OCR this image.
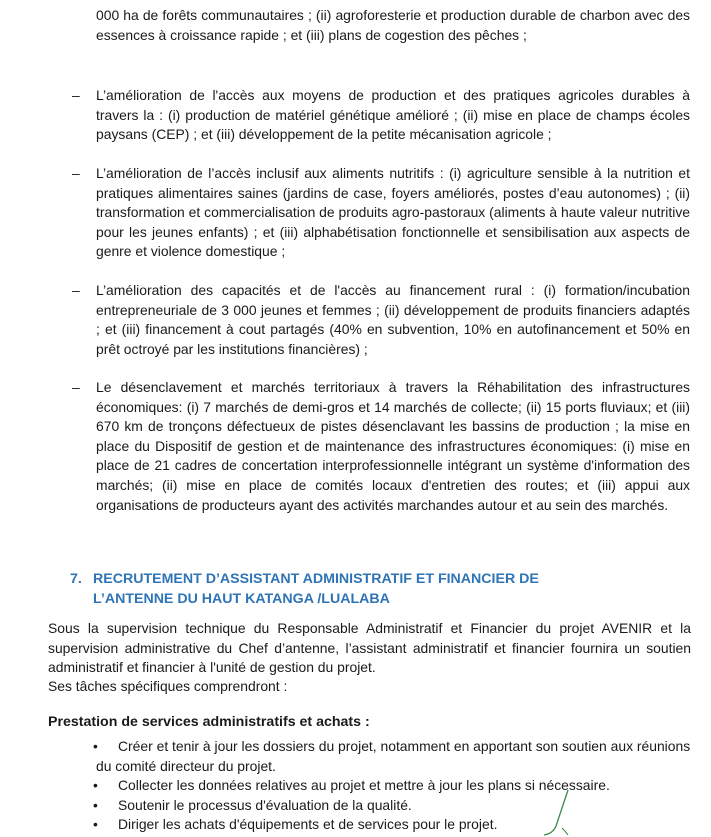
000 ha de forêts communautaires ; (ii) agroforesterie et production durable de charbon avec des essences à croissance rapide ; et (iii) plans de cogestion des pêches ;
–	L’amélioration de l'accès aux moyens de production et des pratiques agricoles durables à travers la : (i) production de matériel génétique amélioré ; (ii) mise en place de champs écoles paysans (CEP) ; et (iii) développement de la petite mécanisation agricole ;
–	L’amélioration de l’accès inclusif aux aliments nutritifs : (i) agriculture sensible à la nutrition et pratiques alimentaires saines (jardins de case, foyers améliorés, postes d’eau autonomes) ; (ii) transformation et commercialisation de produits agro-pastoraux (aliments à haute valeur nutritive pour les jeunes enfants) ; et (iii) alphabétisation fonctionnelle et sensibilisation aux aspects de genre et violence domestique ;
–	L’amélioration des capacités et de l'accès au financement rural : (i) formation/incubation entrepreneuriale de 3 000 jeunes et femmes ; (ii) développement de produits financiers adaptés ; et (iii) financement à cout partagés (40% en subvention, 10% en autofinancement et 50% en prêt octroyé par les institutions financières) ;
–	Le désenclavement et marchés territoriaux à travers la Réhabilitation des infrastructures économiques: (i) 7 marchés de demi-gros et 14 marchés de collecte; (ii) 15 ports fluviaux; et (iii) 670 km de tronçons défectueux de pistes désenclavant les bassins de production ; la mise en place du Dispositif de gestion et de maintenance des infrastructures économiques: (i) mise en place de 21 cadres de concertation interprofessionnelle intégrant un système d'information des marchés; (ii) mise en place de comités locaux d'entretien des routes; et (iii) appui aux organisations de producteurs ayant des activités marchandes autour et au sein des marchés.
7. RECRUTEMENT D’ASSISTANT ADMINISTRATIF ET FINANCIER DE L’ANTENNE DU HAUT KATANGA /LUALABA
Sous la supervision technique du Responsable Administratif et Financier du projet AVENIR et la supervision administrative du Chef d’antenne, l’assistant administratif et financier fournira un soutien administratif et financier à l'unité de gestion du projet.
Ses tâches spécifiques comprendront :
Prestation de services administratifs et achats :
•	Créer et tenir à jour les dossiers du projet, notamment en apportant son soutien aux réunions du comité directeur du projet.
• Collecter les données relatives au projet et mettre à jour les plans si nécessaire.
• Soutenir le processus d'évaluation de la qualité.
• Diriger les achats d'équipements et de services pour le projet.
